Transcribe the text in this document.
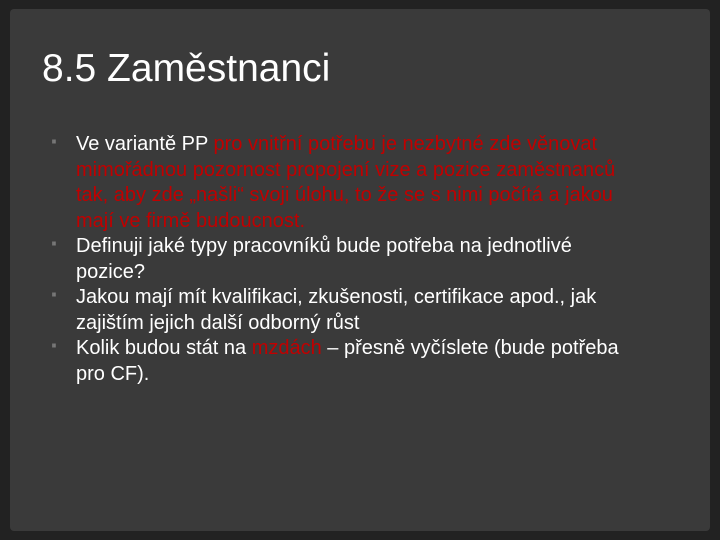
8.5 Zaměstnanci
ᐦ Ve variantě PP pro vnitřní potřebu je nezbytné zde věnovat mimořádnou pozornost propojení vize a pozice zaměstnanců tak, aby zde „našli“ svoji úlohu, to že se s nimi počítá a jakou mají ve firmě budoucnost.
ᐦ Definuji jaké typy pracovníků bude potřeba na jednotlivé pozice?
ᐦ Jakou mají mít kvalifikaci, zkušenosti, certifikace apod., jak zajištím jejich další odborný růst
ᐦ Kolik budou stát na mzdách – přesně vyčíslete (bude potřeba pro CF).
